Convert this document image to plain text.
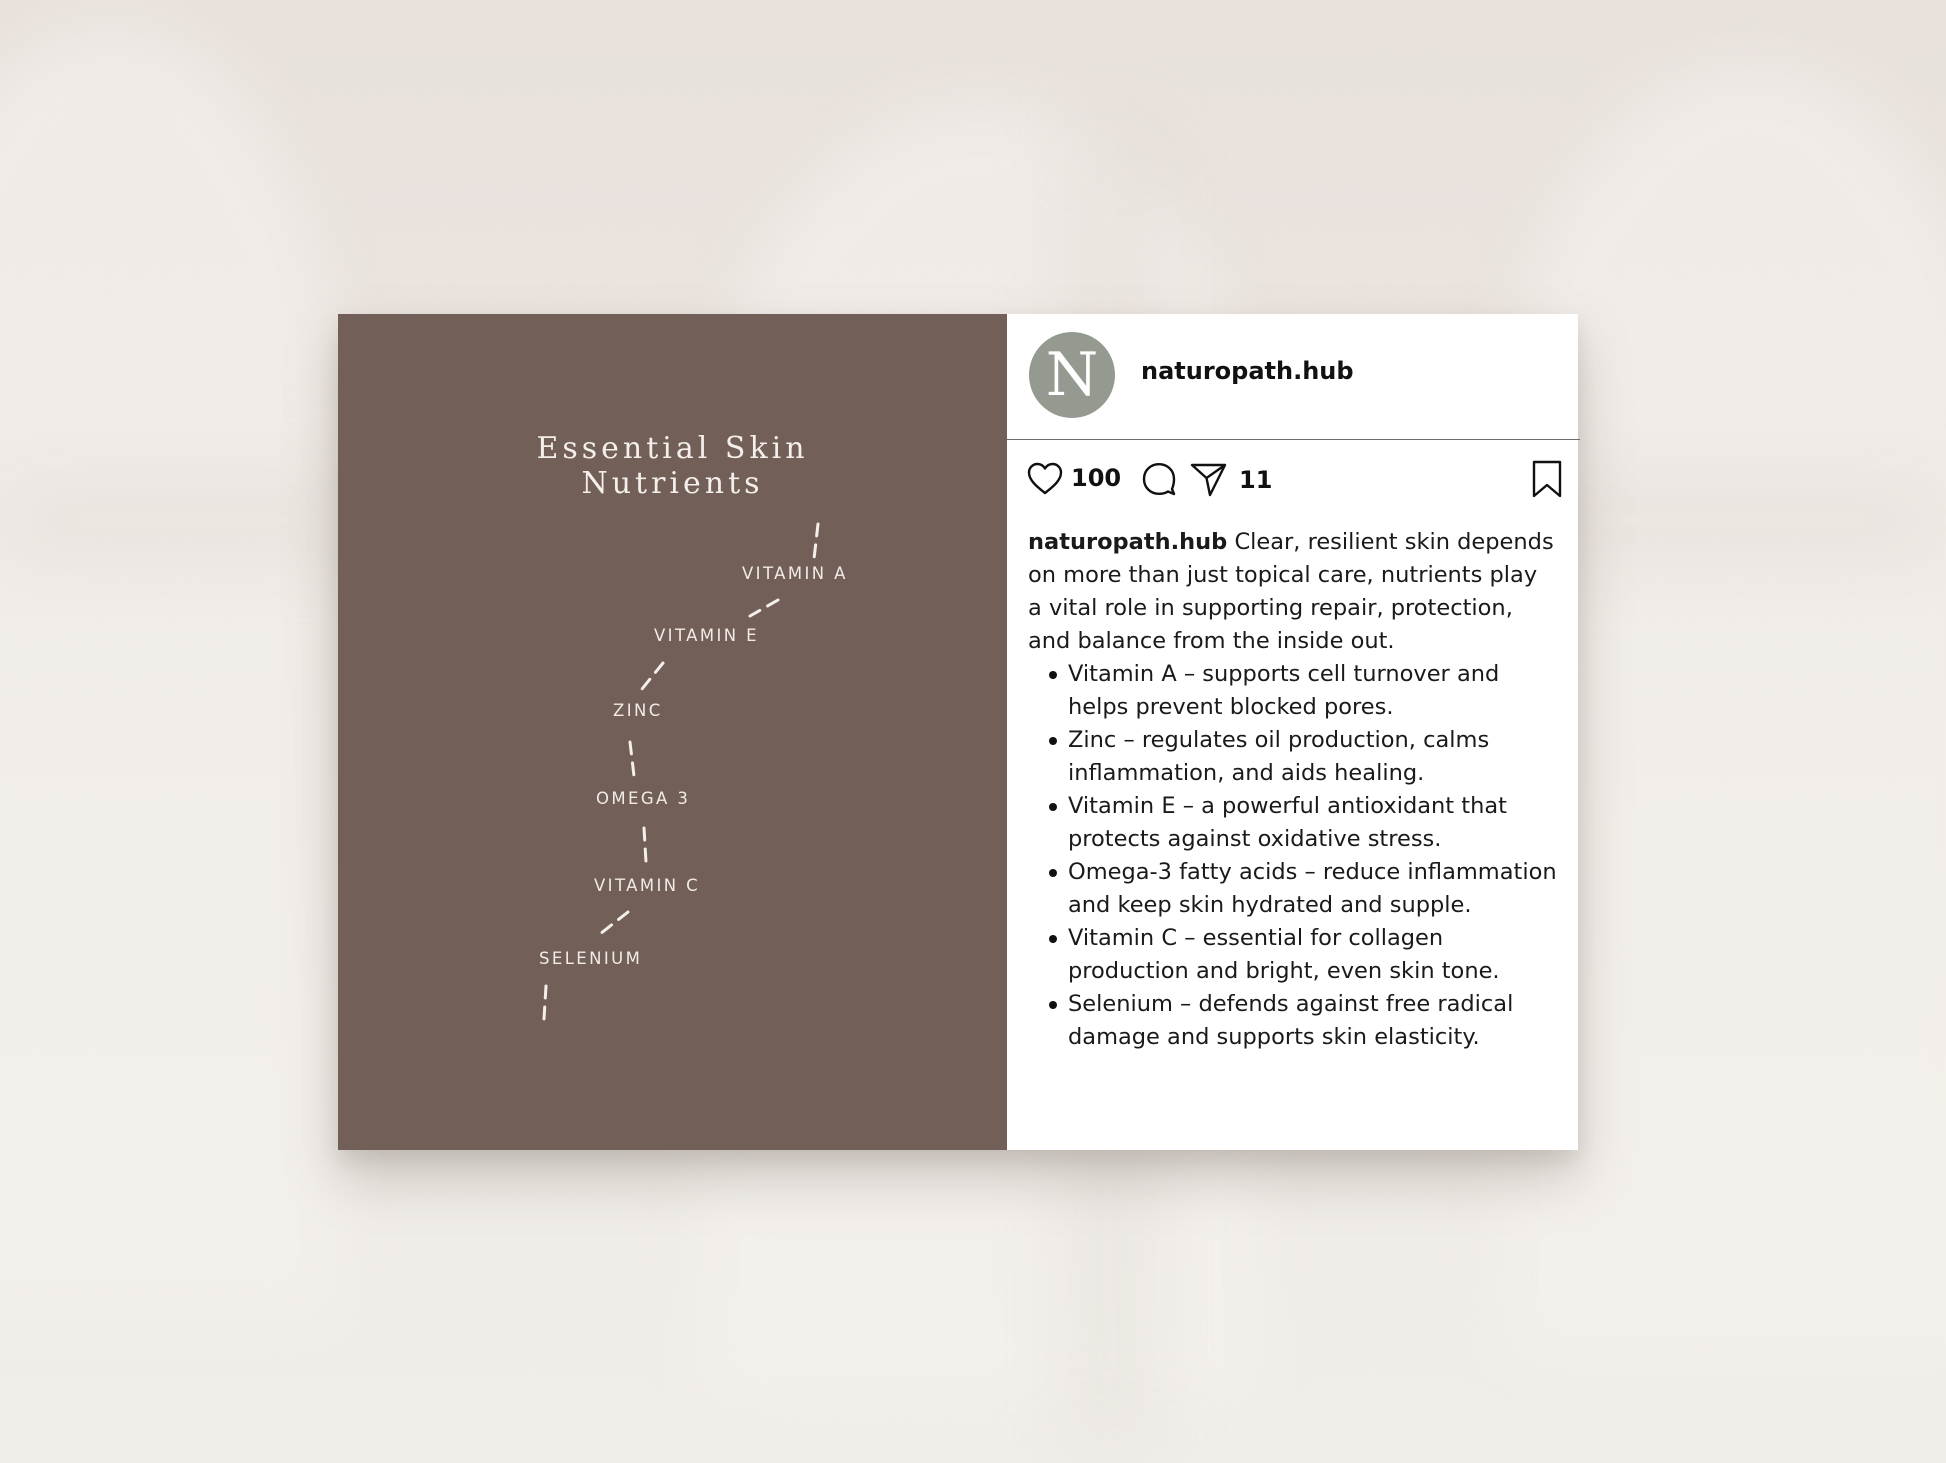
Essential Skin
Nutrients
VITAMIN A
VITAMIN E
ZINC
OMEGA 3
VITAMIN C
SELENIUM
N	naturopath.hub
100	11
naturopath.hub Clear, resilient skin depends on more than just topical care, nutrients play a vital role in supporting repair, protection, and balance from the inside out.
Vitamin A – supports cell turnover and helps prevent blocked pores.
Zinc – regulates oil production, calms inflammation, and aids healing.
Vitamin E – a powerful antioxidant that protects against oxidative stress.
Omega-3 fatty acids – reduce inflammation and keep skin hydrated and supple.
Vitamin C – essential for collagen production and bright, even skin tone.
Selenium – defends against free radical damage and supports skin elasticity.
